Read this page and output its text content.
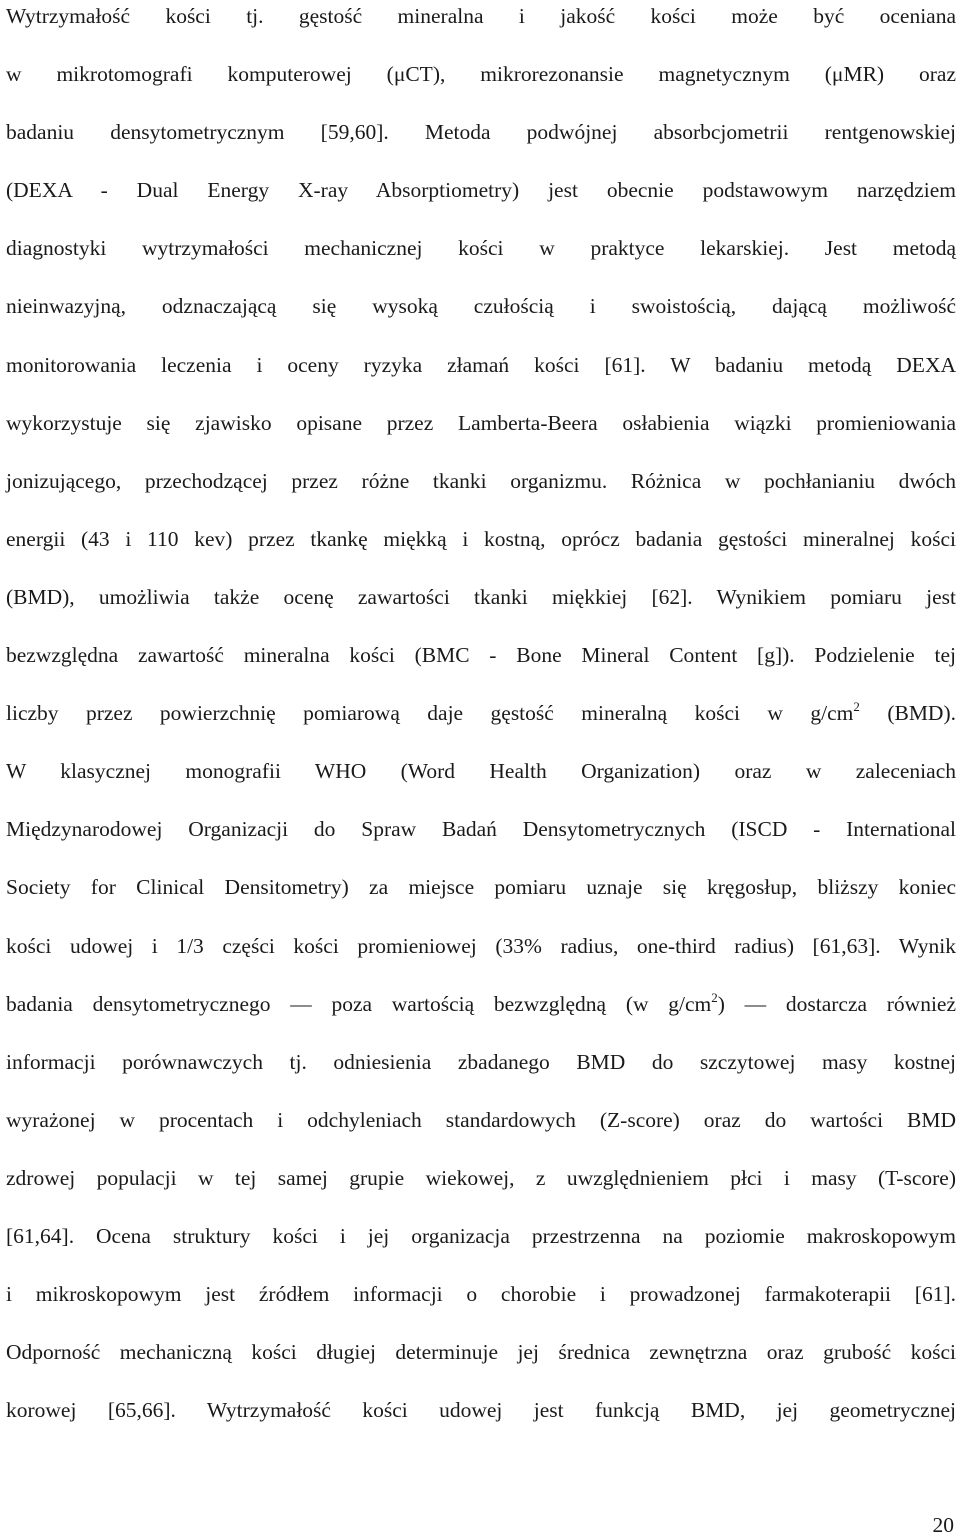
Wytrzymałość kości tj. gęstość mineralna i jakość kości może być oceniana
w mikrotomografi komputerowej (μCT), mikrorezonansie magnetycznym (μMR) oraz
badaniu densytometrycznym [59,60]. Metoda podwójnej absorbcjometrii rentgenowskiej
(DEXA - Dual Energy X-ray Absorptiometry) jest obecnie podstawowym narzędziem
diagnostyki wytrzymałości mechanicznej kości w praktyce lekarskiej. Jest metodą
nieinwazyjną, odznaczającą się wysoką czułością i swoistością, dającą możliwość
monitorowania leczenia i oceny ryzyka złamań kości [61]. W badaniu metodą DEXA
wykorzystuje się zjawisko opisane przez Lamberta-Beera osłabienia wiązki promieniowania
jonizującego, przechodzącej przez różne tkanki organizmu. Różnica w pochłanianiu dwóch
energii (43 i 110 kev) przez tkankę miękką i kostną, oprócz badania gęstości mineralnej kości
(BMD), umożliwia także ocenę zawartości tkanki miękkiej [62]. Wynikiem pomiaru jest
bezwzględna zawartość mineralna kości (BMC - Bone Mineral Content [g]). Podzielenie tej
liczby przez powierzchnię pomiarową daje gęstość mineralną kości w $g/cm^2$ (BMD).
W klasycznej monografii WHO (Word Health Organization) oraz w zaleceniach
Międzynarodowej Organizacji do Spraw Badań Densytometrycznych (ISCD - International
Society for Clinical Densitometry) za miejsce pomiaru uznaje się kręgosłup, bliższy koniec
kości udowej i 1/3 części kości promieniowej (33% radius, one-third radius) [61,63]. Wynik
badania densytometrycznego — poza wartością bezwzględną (w $g/cm^2$) — dostarcza również
informacji porównawczych tj. odniesienia zbadanego BMD do szczytowej masy kostnej
wyrażonej w procentach i odchyleniach standardowych (Z-score) oraz do wartości BMD
zdrowej populacji w tej samej grupie wiekowej, z uwzględnieniem płci i masy (T-score)
[61,64]. Ocena struktury kości i jej organizacja przestrzenna na poziomie makroskopowym
i mikroskopowym jest źródłem informacji o chorobie i prowadzonej farmakoterapii [61].
Odporność mechaniczną kości długiej determinuje jej średnica zewnętrzna oraz grubość kości
korowej [65,66]. Wytrzymałość kości udowej jest funkcją BMD, jej geometrycznej
20
